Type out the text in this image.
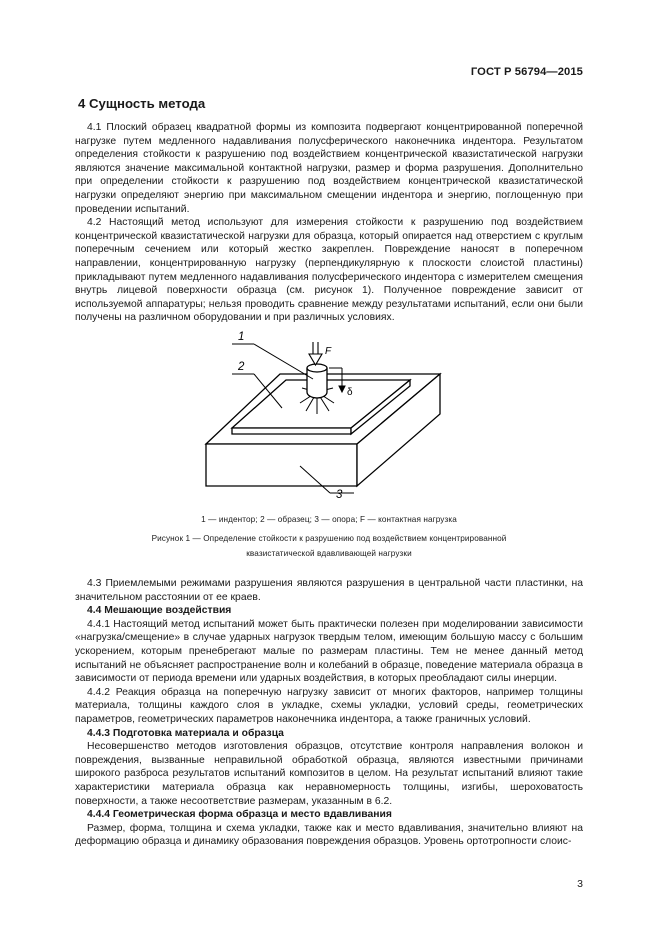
ГОСТ Р 56794—2015
4 Сущность метода

4.1 Плоский образец квадратной формы из композита подвергают концентрированной поперечной нагрузке путем медленного надавливания полусферического наконечника индентора. Результатом определения стойкости к разрушению под воздействием концентрической квазистатической нагрузки являются значение максимальной контактной нагрузки, размер и форма разрушения. Дополнительно при определении стойкости к разрушению под воздействием концентрической квазистатической нагрузки определяют энергию при максимальном смещении индентора и энергию, поглощенную при проведении испытаний.

4.2 Настоящий метод используют для измерения стойкости к разрушению под воздействием концентрической квазистатической нагрузки для образца, который опирается над отверстием с круглым поперечным сечением или который жестко закреплен. Повреждение наносят в поперечном направлении, концентрированную нагрузку (перпендикулярную к плоскости слоистой пластины) прикладывают путем медленного надавливания полусферического индентора с измерителем смещения внутрь лицевой поверхности образца (см. рисунок 1). Полученное повреждение зависит от используемой аппаратуры; нельзя проводить сравнение между результатами испытаний, если они были получены на различном оборудовании и при различных условиях.

F
δ
1
2
3
1 — индентор; 2 — образец; 3 — опора; F — контактная нагрузка
Рисунок 1 — Определение стойкости к разрушению под воздействием концентрированной
квазистатической вдавливающей нагрузки

4.3 Приемлемыми режимами разрушения являются разрушения в центральной части пластинки, на значительном расстоянии от ее краев.

4.4 Мешающие воздействия

4.4.1 Настоящий метод испытаний может быть практически полезен при моделировании зависимости «нагрузка/смещение» в случае ударных нагрузок твердым телом, имеющим большую массу с большим ускорением, которым пренебрегают малые по размерам пластины. Тем не менее данный метод испытаний не объясняет распространение волн и колебаний в образце, поведение материала образца в зависимости от периода времени или ударных воздействия, в которых преобладают силы инерции.

4.4.2 Реакция образца на поперечную нагрузку зависит от многих факторов, например толщины материала, толщины каждого слоя в укладке, схемы укладки, условий среды, геометрических параметров, геометрических параметров наконечника индентора, а также граничных условий.

4.4.3 Подготовка материала и образца

Несовершенство методов изготовления образцов, отсутствие контроля направления волокон и повреждения, вызванные неправильной обработкой образца, являются известными причинами широкого разброса результатов испытаний композитов в целом. На результат испытаний влияют такие характеристики материала образца как неравномерность толщины, изгибы, шероховатость поверхности, а также несоответствие размерам, указанным в 6.2.

4.4.4 Геометрическая форма образца и место вдавливания

Размер, форма, толщина и схема укладки, также как и место вдавливания, значительно влияют на деформацию образца и динамику образования повреждения образцов. Уровень ортотропности слоис-

3
